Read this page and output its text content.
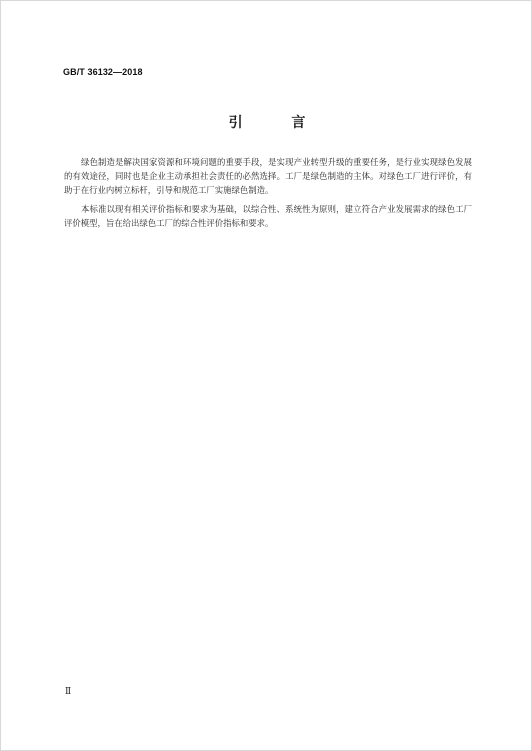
GB/T 36132—2018
引 言

绿色制造是解决国家资源和环境问题的重要手段，是实现产业转型升级的重要任务，是行业实现绿色发展的有效途径，同时也是企业主动承担社会责任的必然选择。工厂是绿色制造的主体。对绿色工厂进行评价，有助于在行业内树立标杆，引导和规范工厂实施绿色制造。

本标准以现有相关评价指标和要求为基础，以综合性、系统性为原则，建立符合产业发展需求的绿色工厂评价模型，旨在给出绿色工厂的综合性评价指标和要求。

Ⅱ
